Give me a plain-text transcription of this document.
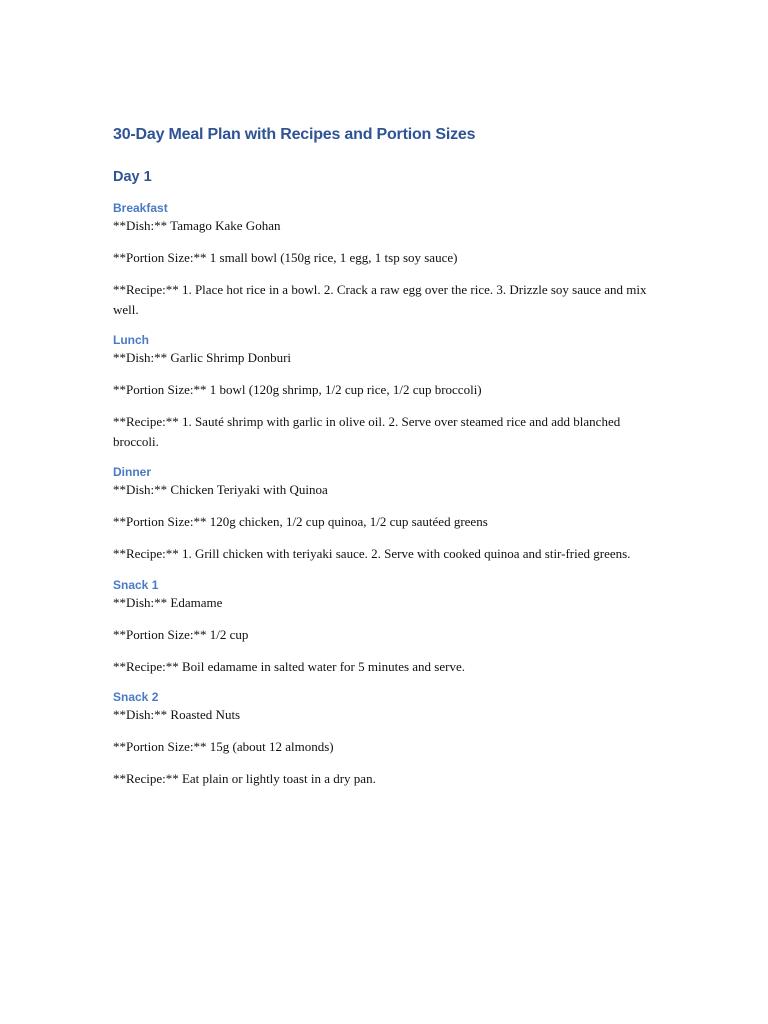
30-Day Meal Plan with Recipes and Portion Sizes
Day 1
Breakfast

**Dish:** Tamago Kake Gohan

**Portion Size:** 1 small bowl (150g rice, 1 egg, 1 tsp soy sauce)

**Recipe:** 1. Place hot rice in a bowl. 2. Crack a raw egg over the rice. 3. Drizzle soy sauce and mix well.

Lunch

**Dish:** Garlic Shrimp Donburi

**Portion Size:** 1 bowl (120g shrimp, 1/2 cup rice, 1/2 cup broccoli)

**Recipe:** 1. Sauté shrimp with garlic in olive oil. 2. Serve over steamed rice and add blanched broccoli.

Dinner

**Dish:** Chicken Teriyaki with Quinoa

**Portion Size:** 120g chicken, 1/2 cup quinoa, 1/2 cup sautéed greens

**Recipe:** 1. Grill chicken with teriyaki sauce. 2. Serve with cooked quinoa and stir-fried greens.

Snack 1

**Dish:** Edamame

**Portion Size:** 1/2 cup

**Recipe:** Boil edamame in salted water for 5 minutes and serve.

Snack 2

**Dish:** Roasted Nuts

**Portion Size:** 15g (about 12 almonds)

**Recipe:** Eat plain or lightly toast in a dry pan.
